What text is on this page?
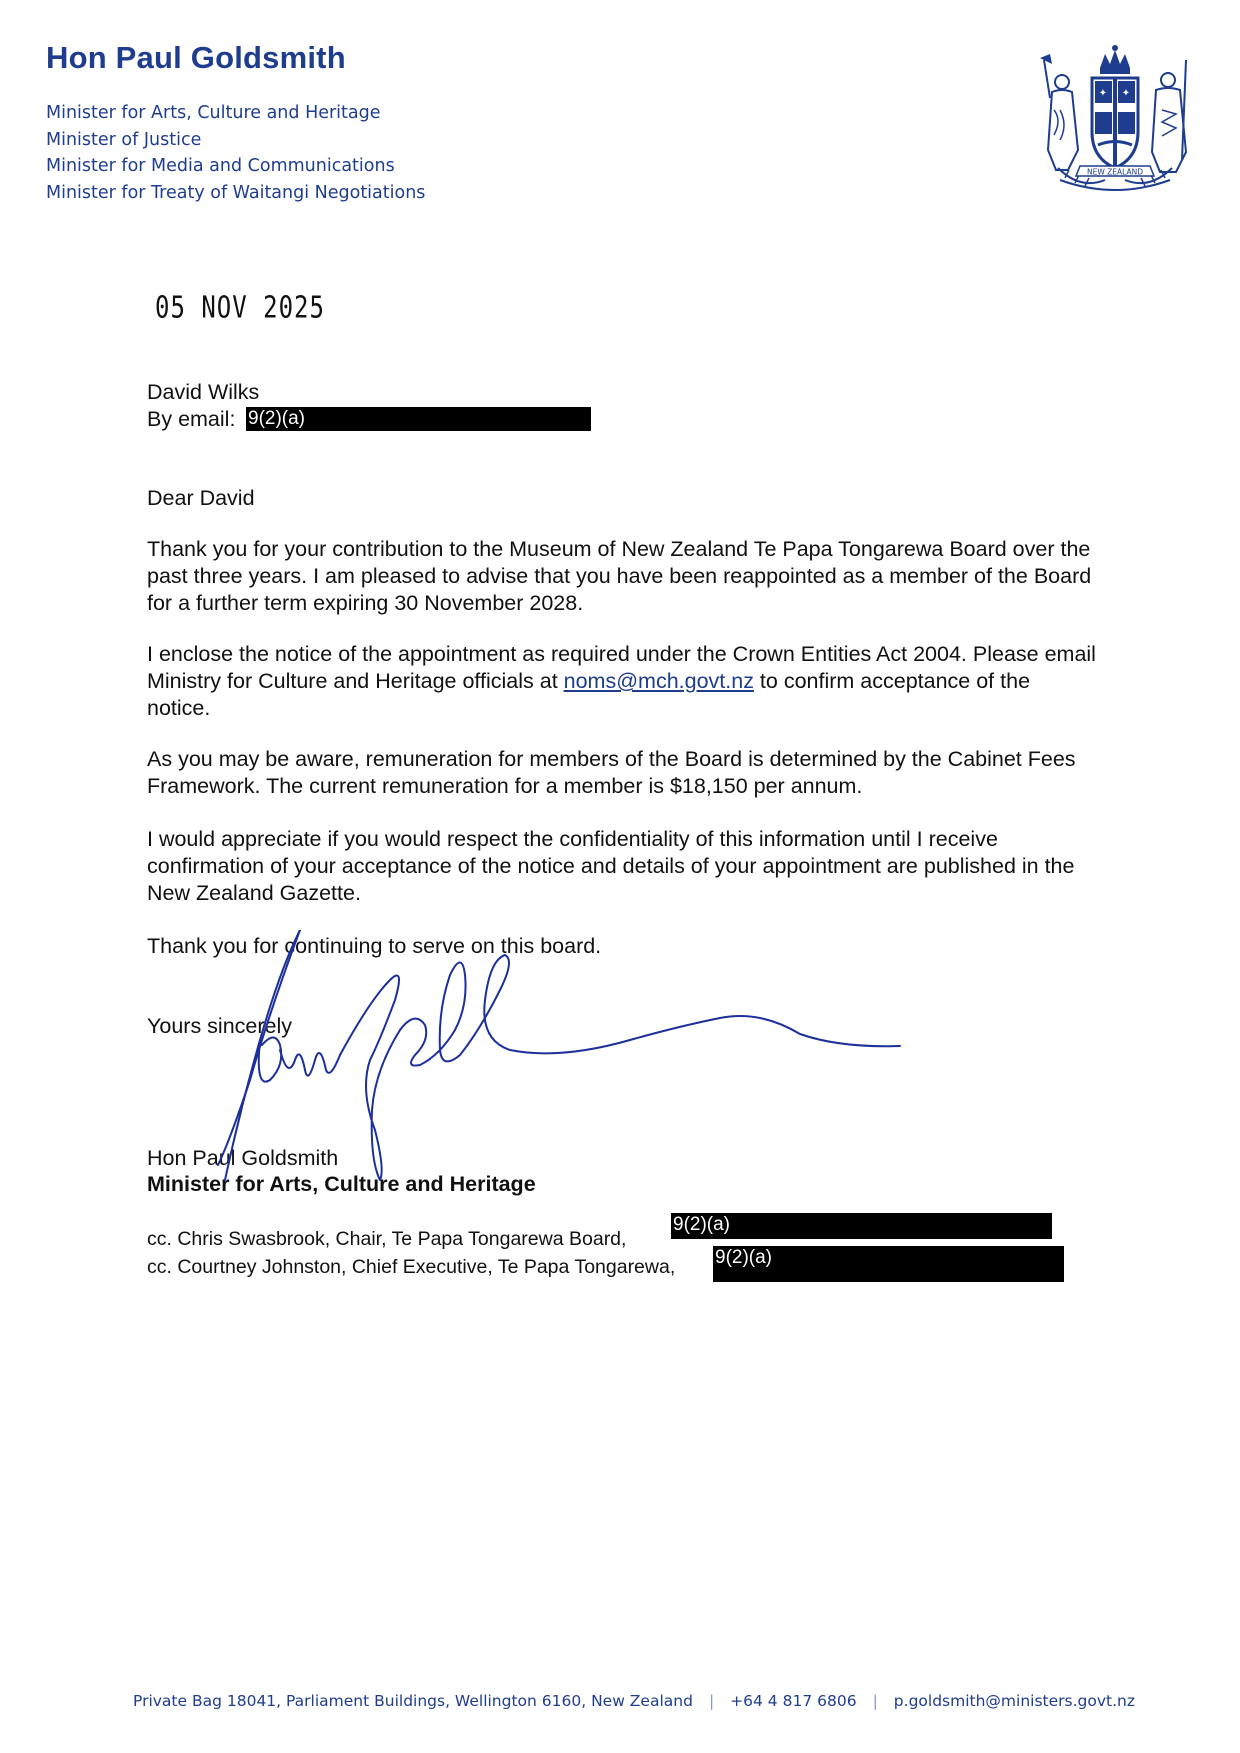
Hon Paul Goldsmith
Minister for Arts, Culture and Heritage
Minister of Justice
Minister for Media and Communications
Minister for Treaty of Waitangi Negotiations
✦ ✦
NEW ZEALAND
05 NOV 2025
David Wilks
By email: 9(2)(a)
Dear David
Thank you for your contribution to the Museum of New Zealand Te Papa Tongarewa Board over the past three years. I am pleased to advise that you have been reappointed as a member of the Board for a further term expiring 30 November 2028.
I enclose the notice of the appointment as required under the Crown Entities Act 2004. Please email Ministry for Culture and Heritage officials at noms@mch.govt.nz to confirm acceptance of the notice.
As you may be aware, remuneration for members of the Board is determined by the Cabinet Fees Framework. The current remuneration for a member is $18,150 per annum.
I would appreciate if you would respect the confidentiality of this information until I receive confirmation of your acceptance of the notice and details of your appointment are published in the New Zealand Gazette.
Thank you for continuing to serve on this board.
Yours sincerely
Hon Paul Goldsmith
Minister for Arts, Culture and Heritage
cc. Chris Swasbrook, Chair, Te Papa Tongarewa Board,
9(2)(a)
cc. Courtney Johnston, Chief Executive, Te Papa Tongarewa, 9(2)(a)
Private Bag 18041, Parliament Buildings, Wellington 6160, New Zealand | +64 4 817 6806 | p.goldsmith@ministers.govt.nz
